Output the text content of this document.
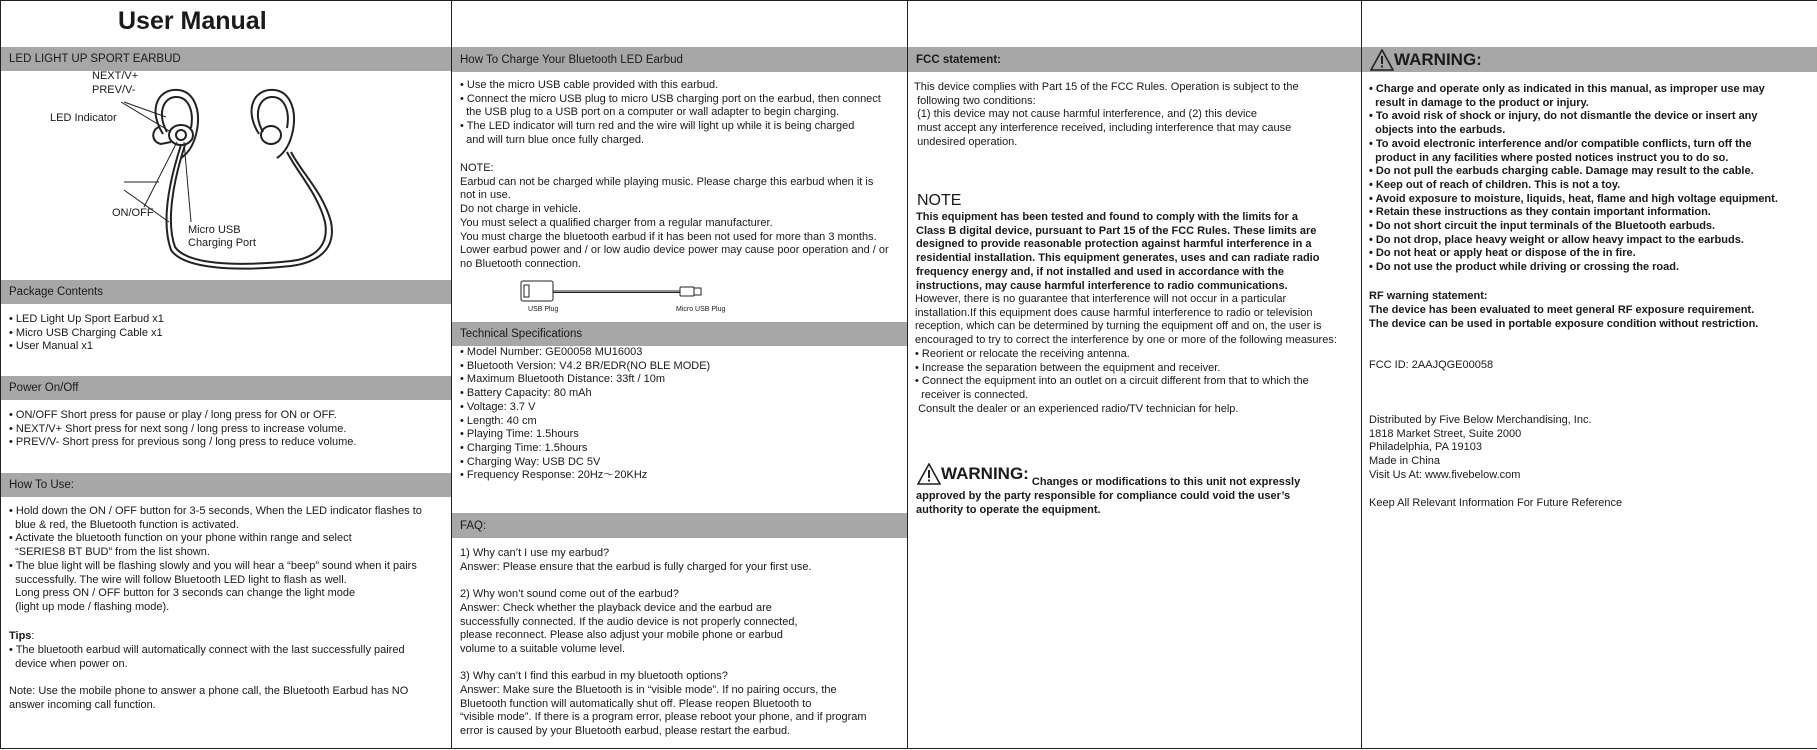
User Manual
LED LIGHT UP SPORT EARBUD
NEXT/V+
PREV/V-
LED Indicator
ON/OFF
Micro USB
Charging Port
Package Contents

• LED Light Up Sport Earbud x1
• Micro USB Charging Cable x1
• User Manual x1

Power On/Off

• ON/OFF Short press for pause or play / long press for ON or OFF.
• NEXT/V+ Short press for next song / long press to increase volume.
• PREV/V- Short press for previous song / long press to reduce volume.

How To Use:

• Hold down the ON / OFF button for 3-5 seconds, When the LED indicator flashes to
blue & red, the Bluetooth function is activated.
• Activate the bluetooth function on your phone within range and select
“SERIES8 BT BUD” from the list shown.
• The blue light will be flashing slowly and you will hear a “beep” sound when it pairs
successfully. The wire will follow Bluetooth LED light to flash as well.
Long press ON / OFF button for 3 seconds can change the light mode
(light up mode / flashing mode).

Tips:

• The bluetooth earbud will automatically connect with the last successfully paired
device when power on.

Note: Use the mobile phone to answer a phone call, the Bluetooth Earbud has NO
answer incoming call function.

How To Charge Your Bluetooth LED Earbud

• Use the micro USB cable provided with this earbud.
• Connect the micro USB plug to micro USB charging port on the earbud, then connect
the USB plug to a USB port on a computer or wall adapter to begin charging.
• The LED indicator will turn red and the wire will light up while it is being charged
and will turn blue once fully charged.

NOTE:
Earbud can not be charged while playing music. Please charge this earbud when it is
not in use.
Do not charge in vehicle.
You must select a qualified charger from a regular manufacturer.
You must charge the bluetooth earbud if it has been not used for more than 3 months.
Lower earbud power and / or low audio device power may cause poor operation and / or
no Bluetooth connection.

USB Plug	Micro USB Plug
Technical Specifications

• Model Number: GE00058 MU16003
• Bluetooth Version: V4.2 BR/EDR(NO BLE MODE)
• Maximum Bluetooth Distance: 33ft / 10m
• Battery Capacity: 80 mAh
• Voltage: 3.7 V
• Length: 40 cm
• Playing Time: 1.5hours
• Charging Time: 1.5hours
• Charging Way: USB DC 5V
• Frequency Response: 20Hz～20KHz

FAQ:

1) Why can’t I use my earbud?
Answer: Please ensure that the earbud is fully charged for your first use.

2) Why won’t sound come out of the earbud?
Answer: Check whether the playback device and the earbud are
successfully connected. If the audio device is not properly connected,
please reconnect. Please also adjust your mobile phone or earbud
volume to a suitable volume level.

3) Why can’t I find this earbud in my bluetooth options?
Answer: Make sure the Bluetooth is in “visible mode”. If no pairing occurs, the
Bluetooth function will automatically shut off. Please reopen Bluetooth to
“visible mode”. If there is a program error, please reboot your phone, and if program
error is caused by your Bluetooth earbud, please restart the earbud.

FCC statement:

This device complies with Part 15 of the FCC Rules. Operation is subject to the
following two conditions:
(1) this device may not cause harmful interference, and (2) this device
must accept any interference received, including interference that may cause
undesired operation.

NOTE

This equipment has been tested and found to comply with the limits for a
Class B digital device, pursuant to Part 15 of the FCC Rules. These limits are
designed to provide reasonable protection against harmful interference in a
residential installation. This equipment generates, uses and can radiate radio
frequency energy and, if not installed and used in accordance with the
instructions, may cause harmful interference to radio communications.

However, there is no guarantee that interference will not occur in a particular
installation.If this equipment does cause harmful interference to radio or television
reception, which can be determined by turning the equipment off and on, the user is
encouraged to try to correct the interference by one or more of the following measures:
• Reorient or relocate the receiving antenna.
• Increase the separation between the equipment and receiver.
• Connect the equipment into an outlet on a circuit different from that to which the
receiver is connected.
Consult the dealer or an experienced radio/TV technician for help.

WARNING: Changes or modifications to this unit not expressly

approved by the party responsible for compliance could void the user’s
authority to operate the equipment.

WARNING:

• Charge and operate only as indicated in this manual, as improper use may
result in damage to the product or injury.
• To avoid risk of shock or injury, do not dismantle the device or insert any
objects into the earbuds.
• To avoid electronic interference and/or compatible conflicts, turn off the
product in any facilities where posted notices instruct you to do so.
• Do not pull the earbuds charging cable. Damage may result to the cable.
• Keep out of reach of children. This is not a toy.
• Avoid exposure to moisture, liquids, heat, flame and high voltage equipment.
• Retain these instructions as they contain important information.
• Do not short circuit the input terminals of the Bluetooth earbuds.
• Do not drop, place heavy weight or allow heavy impact to the earbuds.
• Do not heat or apply heat or dispose of the in fire.
• Do not use the product while driving or crossing the road.

RF warning statement:

The device has been evaluated to meet general RF exposure requirement.
The device can be used in portable exposure condition without restriction.

FCC ID: 2AAJQGE00058

Distributed by Five Below Merchandising, Inc.
1818 Market Street, Suite 2000
Philadelphia, PA 19103
Made in China
Visit Us At: www.fivebelow.com

Keep All Relevant Information For Future Reference
